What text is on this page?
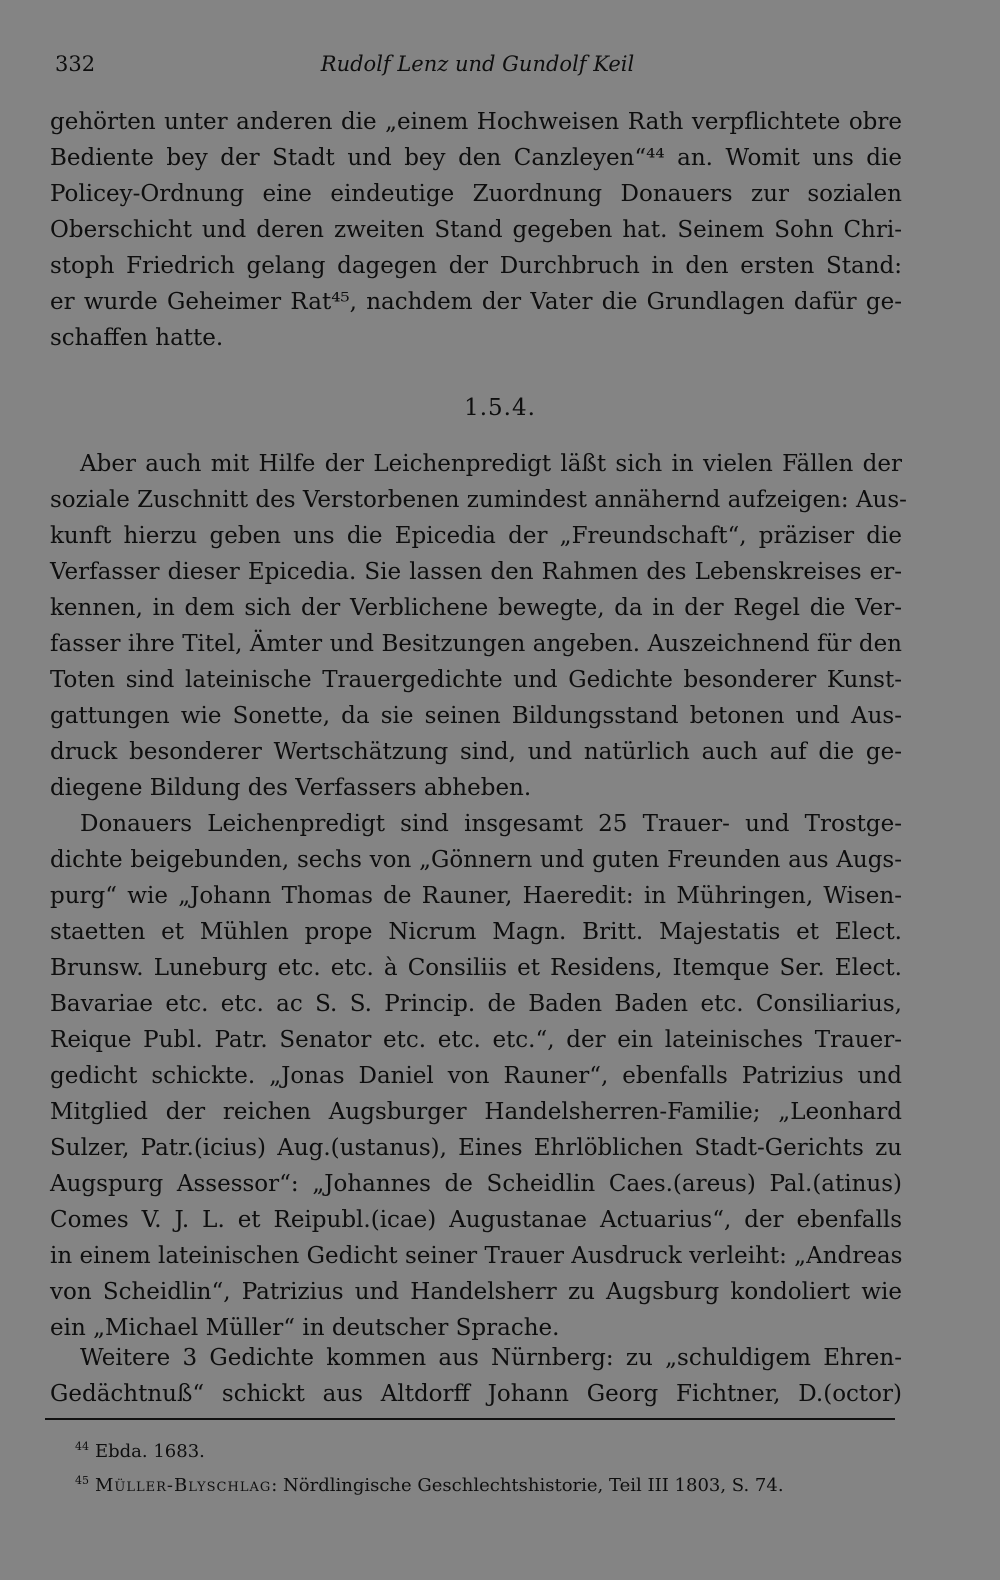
332	Rudolf Lenz und Gundolf Keil
gehörten unter anderen die „einem Hochweisen Rath verpflichtete obre
Bediente bey der Stadt und bey den Canzleyen“⁴⁴ an. Womit uns die
Policey-Ordnung eine eindeutige Zuordnung Donauers zur sozialen
Oberschicht und deren zweiten Stand gegeben hat. Seinem Sohn Chri-
stoph Friedrich gelang dagegen der Durchbruch in den ersten Stand:
er wurde Geheimer Rat⁴⁵, nachdem der Vater die Grundlagen dafür ge-
schaffen hatte.
1.5.4.
Aber auch mit Hilfe der Leichenpredigt läßt sich in vielen Fällen der
soziale Zuschnitt des Verstorbenen zumindest annähernd aufzeigen: Aus-
kunft hierzu geben uns die Epicedia der „Freundschaft“, präziser die
Verfasser dieser Epicedia. Sie lassen den Rahmen des Lebenskreises er-
kennen, in dem sich der Verblichene bewegte, da in der Regel die Ver-
fasser ihre Titel, Ämter und Besitzungen angeben. Auszeichnend für den
Toten sind lateinische Trauergedichte und Gedichte besonderer Kunst-
gattungen wie Sonette, da sie seinen Bildungsstand betonen und Aus-
druck besonderer Wertschätzung sind, und natürlich auch auf die ge-
diegene Bildung des Verfassers abheben.
Donauers Leichenpredigt sind insgesamt 25 Trauer- und Trostge-
dichte beigebunden, sechs von „Gönnern und guten Freunden aus Augs-
purg“ wie „Johann Thomas de Rauner, Haeredit: in Mühringen, Wisen-
staetten et Mühlen prope Nicrum Magn. Britt. Majestatis et Elect.
Brunsw. Luneburg etc. etc. à Consiliis et Residens, Itemque Ser. Elect.
Bavariae etc. etc. ac S. S. Princip. de Baden Baden etc. Consiliarius,
Reique Publ. Patr. Senator etc. etc. etc.“, der ein lateinisches Trauer-
gedicht schickte. „Jonas Daniel von Rauner“, ebenfalls Patrizius und
Mitglied der reichen Augsburger Handelsherren-Familie; „Leonhard
Sulzer, Patr.(icius) Aug.(ustanus), Eines Ehrlöblichen Stadt-Gerichts zu
Augspurg Assessor“: „Johannes de Scheidlin Caes.(areus) Pal.(atinus)
Comes V. J. L. et Reipubl.(icae) Augustanae Actuarius“, der ebenfalls
in einem lateinischen Gedicht seiner Trauer Ausdruck verleiht: „Andreas
von Scheidlin“, Patrizius und Handelsherr zu Augsburg kondoliert wie
ein „Michael Müller“ in deutscher Sprache.
Weitere 3 Gedichte kommen aus Nürnberg: zu „schuldigem Ehren-
Gedächtnuß“ schickt aus Altdorff Johann Georg Fichtner, D.(octor)
$^{44}$ Ebda. 1683.
$^{45}$ Müller-Blyschlag: Nördlingische Geschlechtshistorie, Teil III 1803, S. 74.
